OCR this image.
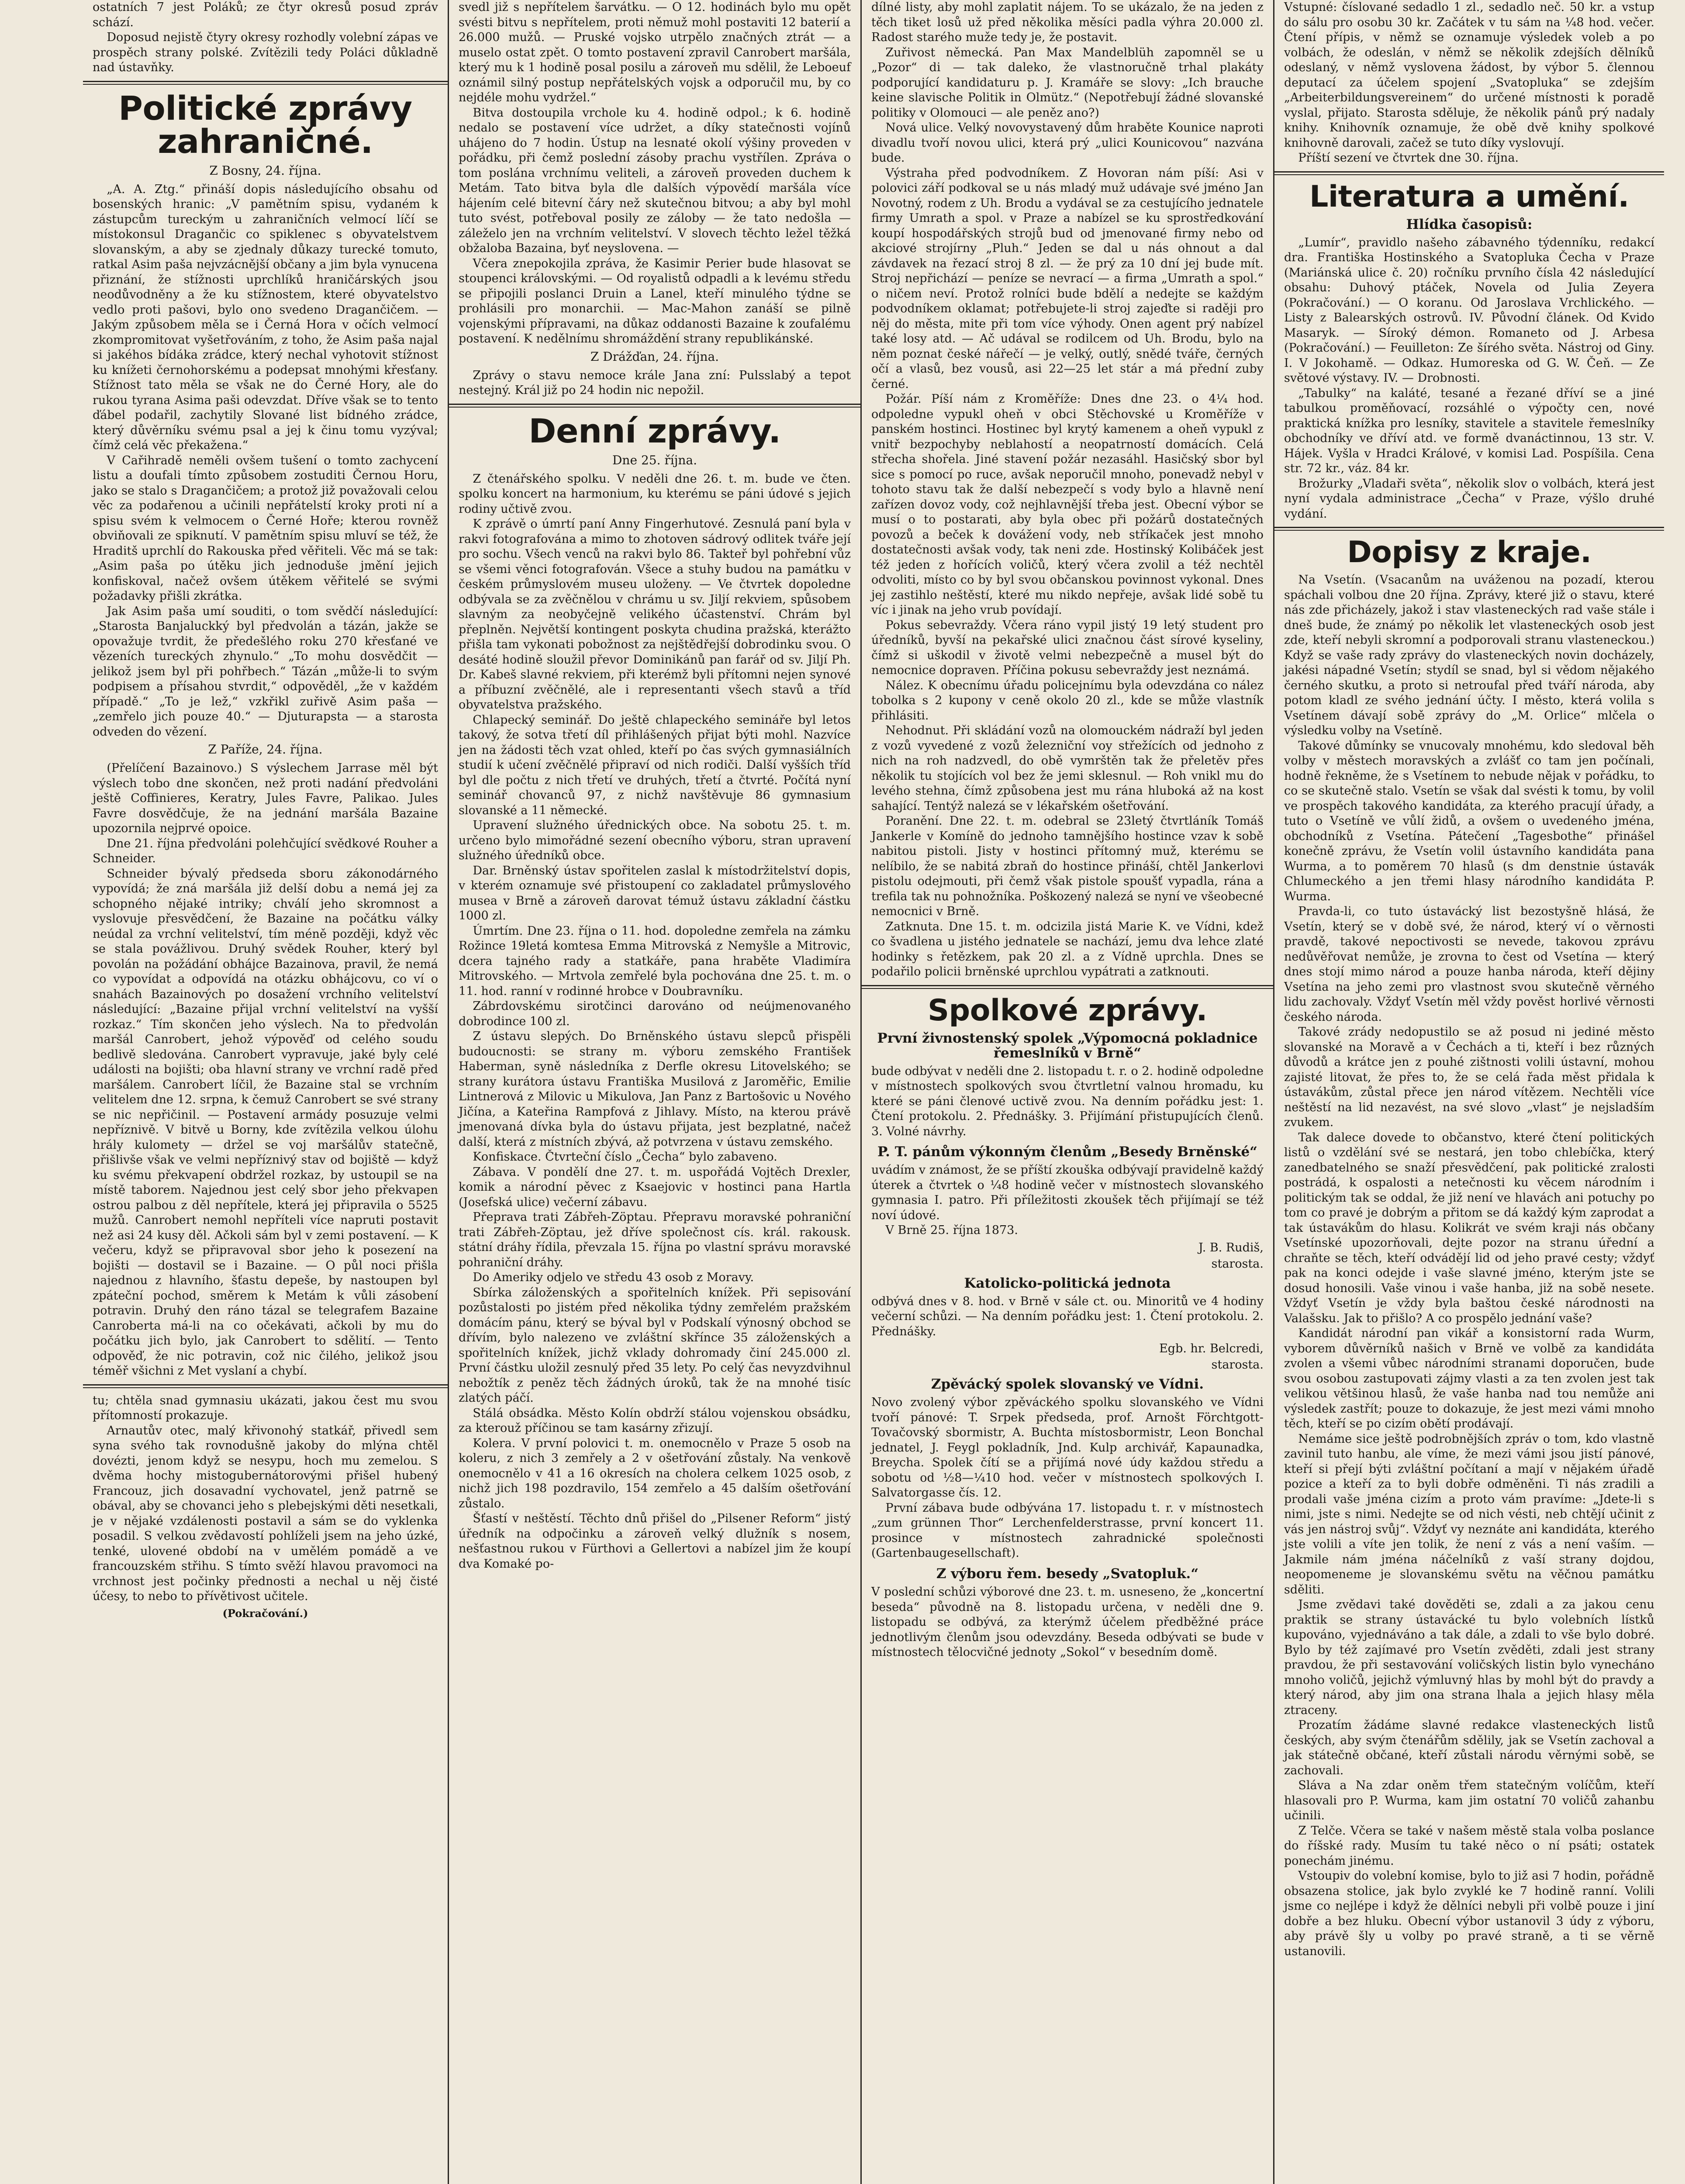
ostatních 7 jest Poláků; ze čtyr okresů posud zpráv schází.

Doposud nejistě čtyry okresy rozhodly volební zápas ve prospěch strany polské. Zvítězili tedy Poláci důkladně nad ústavňky.

Politické zprávy zahraničné.
Z Bosny, 24. října.

„A. A. Ztg.“ přináší dopis následujícího obsahu od bosenských hranic: „V pamětním spisu, vydaném k zástupcům tureckým u zahraničních velmocí líčí se místokonsul Dragančic co spiklenec s obyvatelstvem slovanským, a aby se zjednaly důkazy turecké tomuto, ratkal Asim paša nejvzácnější občany a jim byla vynucena přiznání, že stížnosti uprchlíků hraničárských jsou neodůvodněny a že ku stížnostem, které obyvatelstvo vedlo proti pašovi, bylo ono svedeno Dragančičem. — Jakým způsobem měla se i Černá Hora v očích velmocí zkompromitovat vyšetřováním, z toho, že Asim paša najal si jakéhos bídáka zrádce, který nechal vyhotovit stížnost ku knížeti černohorskému a podepsat mnohými křesťany. Stížnost tato měla se však ne do Černé Hory, ale do rukou tyrana Asima paši odevzdat. Dříve však se to tento ďábel podařil, zachytily Slované list bídného zrádce, který důvěrníku svému psal a jej k činu tomu vyzýval; čímž celá věc překažena.“

V Cařihradě neměli ovšem tušení o tomto zachycení listu a doufali tímto způsobem zostuditi Černou Horu, jako se stalo s Dragančičem; a protož již považovali celou věc za podařenou a učinili nepřátelstí kroky proti ní a spisu svém k velmocem o Černé Hoře; kterou rovněž obviňovali ze spiknutí. V pamětním spisu mluví se též, že Hraditš uprchlí do Rakouska před věřiteli. Věc má se tak: „Asim paša po útěku jich jednoduše jmění jejich konfiskoval, načež ovšem útěkem věřitelé se svými požadavky přišli zkrátka.

Jak Asim paša umí souditi, o tom svědčí následující: „Starosta Banjaluckký byl předvolán a tázán, jakže se opovažuje tvrdit, že předešlého roku 270 křesťané ve vězeních tureckých zhynulo.“ „To mohu dosvědčit — jelikož jsem byl při pohřbech.“ Tázán „může-li to svým podpisem a přísahou stvrdit,“ odpověděl, „že v každém případě.“ „To je lež,“ vzkřikl zuřivě Asim paša — „zemřelo jich pouze 40.“ — Djuturapsta — a starosta odveden do vězení.

Z Paříže, 24. října.

(Přelíčení Bazainovo.) S výslechem Jarrase měl být výslech tobo dne skončen, než proti nadání předvoláni ještě Coffinieres, Keratry, Jules Favre, Palikao. Jules Favre dosvědčuje, že na jednání maršála Bazaine upozornila nejprvé opoice.

Dne 21. října předvoláni polehčující svědkové Rouher a Schneider.

Schneider bývalý předseda sboru zákonodárného vypovídá; že zná maršála již delší dobu a nemá jej za schopného nějaké intriky; chválí jeho skromnost a vyslovuje přesvědčení, že Bazaine na počátku války neúdal za vrchní velitelství, tím méně později, když věc se stala povážlivou. Druhý svědek Rouher, který byl povolán na požádání obhájce Bazainova, pravil, že nemá co vypovídat a odpovídá na otázku obhájcovu, co ví o snahách Bazainových po dosažení vrchního velitelství následující: „Bazaine přijal vrchní velitelství na vyšší rozkaz.“ Tím skončen jeho výslech. Na to předvolán maršál Canrobert, jehož výpověď od celého soudu bedlivě sledována. Canrobert vypravuje, jaké byly celé události na bojišti; oba hlavní strany ve vrchní radě před maršálem. Canrobert líčil, že Bazaine stal se vrchním velitelem dne 12. srpna, k čemuž Canrobert se své strany se nic nepřičinil. — Postavení armády posuzuje velmi nepříznivě. V bitvě u Borny, kde zvítězila velkou úlohu hrály kulomety — držel se voj maršálův statečně, přišlivše však ve velmi nepříznivý stav od bojiště — když ku svému překvapení obdržel rozkaz, by ustoupil se na místě taborem. Najednou jest celý sbor jeho překvapen ostrou palbou z děl nepřítele, která jej připravila o 5525 mužů. Canrobert nemohl nepříteli více napruti postavit než asi 24 kusy děl. Ačkoli sám byl v zemi postavení. — K večeru, když se připravoval sbor jeho k posezení na bojišti — dostavil se i Bazaine. — O půl noci přišla najednou z hlavního, šťastu depeše, by nastoupen byl zpáteční pochod, směrem k Metám k vůli zásobení potravin. Druhý den ráno tázal se telegrafem Bazaine Canroberta má-li na co očekávati, ačkoli by mu do počátku jich bylo, jak Canrobert to sdělití. — Tento odpověď, že nic potravin, což nic čilého, jelikož jsou téměř všichni z Met vyslaní a chybí.

tu; chtěla snad gymnasiu ukázati, jakou čest mu svou přítomností prokazuje.

Arnautův otec, malý křivonohý statkář, přivedl sem syna svého tak rovnodušně jakoby do mlýna chtěl dovézti, jenom když se nesypu, hoch mu zemelou. S dvěma hochy mistogubernátorovými přišel hubený Francouz, jich dosavadní vychovatel, jenž patrně se obával, aby se chovanci jeho s plebejskými děti nesetkali, je v nějaké vzdálenosti postavil a sám se do vyklenka posadil. S velkou zvědavostí pohlíželi jsem na jeho úzké, tenké, ulovené období na v umělém pomádě a ve francouzském střihu. S tímto svěží hlavou pravomoci na vrchnost jest počinky přednosti a nechal u něj čisté účesy, to nebo to přívětivost učitele.

(Pokračování.)

svedl již s nepřítelem šarvátku. — O 12. hodinách bylo mu opět svésti bitvu s nepřítelem, proti němuž mohl postaviti 12 baterií a 26.000 mužů. — Pruské vojsko utrpělo značných ztrát — a muselo ostat zpět. O tomto postavení zpravil Canrobert maršála, který mu k 1 hodině posal posilu a zároveň mu sdělil, že Leboeuf oznámil silný postup nepřátelských vojsk a odporučil mu, by co nejdéle mohu vydržel.“

Bitva dostoupila vrchole ku 4. hodině odpol.; k 6. hodině nedalo se postavení více udržet, a díky statečnosti vojínů uhájeno do 7 hodin. Ústup na lesnaté okolí výšiny proveden v pořádku, při čemž poslední zásoby prachu vystřílen. Zpráva o tom poslána vrchnímu veliteli, a zároveň proveden duchem k Metám. Tato bitva byla dle dalších výpovědí maršála více hájením celé bitevní čáry než skutečnou bitvou; a aby byl mohl tuto svést, potřeboval posily ze záloby — že tato nedošla — záleželo jen na vrchním velitelství. V slovech těchto ležel těžká obžaloba Bazaina, byť neyslovena. —

Včera znepokojila zpráva, že Kasimir Perier bude hlasovat se stoupenci královskými. — Od royalistů odpadli a k levému středu se připojili poslanci Druin a Lanel, kteří minulého týdne se prohlásili pro monarchii. — Mac-Mahon zanáší se pilně vojenskými přípravami, na důkaz oddanosti Bazaine k zoufalému postavení. K nedělnímu shromáždění strany republikánské.

Z Drážďan, 24. října.

Zprávy o stavu nemoce krále Jana zní: Pulsslabý a tepot nestejný. Král již po 24 hodin nic nepožil.

Denní zprávy.
Dne 25. října.

Z čtenářského spolku. V neděli dne 26. t. m. bude ve čten. spolku koncert na harmonium, ku kterému se páni údové s jejich rodiny učtivě zvou.

K zprávě o úmrtí paní Anny Fingerhutové. Zesnulá paní byla v rakvi fotografována a mimo to zhotoven sádrový odlitek tváře její pro sochu. Všech venců na rakvi bylo 86. Takteř byl pohřební vůz se všemi věnci fotografován. Všece a stuhy budou na památku v českém průmyslovém museu uloženy. — Ve čtvrtek dopoledne odbývala se za zvěčnělou v chrámu u sv. Jiljí rekviem, spůsobem slavným za neobyčejně velikého účastenství. Chrám byl přeplněn. Největší kontingent poskyta chudina pražská, kterážto přišla tam vykonati pobožnost za nejštědřejší dobrodinku svou. O desáté hodině sloužil převor Dominikánů pan farář od sv. Jiljí Ph. Dr. Kabeš slavné rekviem, při kterémž byli přítomni nejen synové a příbuzní zvěčnělé, ale i representanti všech stavů a tříd obyvatelstva pražského.

Chlapecký seminář. Do ještě chlapeckého semináře byl letos takový, že sotva třetí díl přihlášených přijat býti mohl. Nazvíce jen na žádosti těch vzat ohled, kteří po čas svých gymnasiálních studií k učení zvěčnělé připraví od nich rodiči. Další vyšších tříd byl dle počtu z nich třetí ve druhých, třetí a čtvrté. Počítá nyní seminář chovanců 97, z nichž navštěvuje 86 gymnasium slovanské a 11 německé.

Upravení služného úřednických obce. Na sobotu 25. t. m. určeno bylo mimořádné sezení obecního výboru, stran upravení služného úředníků obce.

Dar. Brněnský ústav spořitelen zaslal k místodržitelství dopis, v kterém oznamuje své přistoupení co zakladatel průmyslového musea v Brně a zároveň darovat témuž ústavu základní částku 1000 zl.

Úmrtím. Dne 23. října o 11. hod. dopoledne zemřela na zámku Rožince 19letá komtesa Emma Mitrovská z Nemyšle a Mitrovic, dcera tajného rady a statkáře, pana hraběte Vladimíra Mitrovského. — Mrtvola zemřelé byla pochována dne 25. t. m. o 11. hod. ranní v rodinné hrobce v Doubravníku.

Zábrdovskému sirotčinci darováno od neújmenovaného dobrodince 100 zl.

Z ústavu slepých. Do Brněnského ústavu slepců přispěli budoucnosti: se strany m. výboru zemského František Haberman, syně následníka z Derfle okresu Litovelského; se strany kurátora ústavu Františka Musilová z Jaroměřic, Emilie Lintnerová z Milovic u Mikulova, Jan Panz z Bartošovic u Nového Jičína, a Kateřina Rampfová z Jihlavy. Místo, na kterou právě jmenovaná dívka byla do ústavu přijata, jest bezplatné, načež další, která z místních zbývá, až potvrzena v ústavu zemského.

Konfiskace. Čtvrteční číslo „Čecha“ bylo zabaveno.

Zábava. V pondělí dne 27. t. m. uspořádá Vojtěch Drexler, komik a národní pěvec z Ksaejovic v hostinci pana Hartla (Josefská ulice) večerní zábavu.

Přeprava trati Zábřeh-Zöptau. Přepravu moravské pohraniční trati Zábřeh-Zöptau, jež dříve společnost cís. král. rakousk. státní dráhy řídila, převzala 15. října po vlastní správu moravské pohraniční dráhy.

Do Ameriky odjelo ve středu 43 osob z Moravy.

Sbírka záloženských a spořitelních knížek. Při sepisování pozůstalosti po jistém před několika týdny zemřelém pražském domácím pánu, který se býval byl v Podskalí výnosný obchod se dřívím, bylo nalezeno ve zvláštní skřínce 35 záloženských a spořitelních knížek, jichž vklady dohromady činí 245.000 zl. První částku uložil zesnulý před 35 lety. Po celý čas nevyzdvihnul nebožtík z peněz těch žádných úroků, tak že na mnohé tisíc zlatých páčí.

Stálá obsádka. Město Kolín obdrží stálou vojenskou obsádku, za kterouž příčinou se tam kasárny zřizují.

Kolera. V první polovici t. m. onemocnělo v Praze 5 osob na koleru, z nich 3 zemřely a 2 v ošetřování zůstaly. Na venkově onemocnělo v 41 a 16 okresích na cholera celkem 1025 osob, z nichž jich 198 pozdravilo, 154 zemřelo a 45 dalším ošetřování zůstalo.

Šťastí v neštěstí. Těchto dnů přišel do „Pilsener Reform“ jistý úředník na odpočinku a zároveň velký dlužník s nosem, nešťastnou rukou v Fürthovi a Gellertovi a nabízel jim že koupí dva Komaké po-

dílné listy, aby mohl zaplatit nájem. To se ukázalo, že na jeden z těch tiket losů už před několika měsíci padla výhra 20.000 zl. Radost starého muže tedy je, že postavit.

Zuřivost německá. Pan Max Mandelblüh zapomněl se u „Pozor“ di — tak daleko, že vlastnoručně trhal plakáty podporující kandidaturu p. J. Kramáře se slovy: „Ich brauche keine slavische Politik in Olmütz.“ (Nepotřebují žádné slovanské politiky v Olomouci — ale peněz ano?)

Nová ulice. Velký novovystavený dům hraběte Kounice naproti divadlu tvoří novou ulici, která prý „ulici Kounicovou“ nazvána bude.

Výstraha před podvodníkem. Z Hovoran nám píší: Asi v polovici září podkoval se u nás mladý muž udávaje své jméno Jan Novotný, rodem z Uh. Brodu a vydával se za cestujícího jednatele firmy Umrath a spol. v Praze a nabízel se ku sprostředkování koupí hospodářských strojů bud od jmenované firmy nebo od akciové strojírny „Pluh.“ Jeden se dal u nás ohnout a dal závdavek na řezací stroj 8 zl. — že prý za 10 dní jej bude mít. Stroj nepřichází — peníze se nevrací — a firma „Umrath a spol.“ o ničem neví. Protož rolníci bude bdělí a nedejte se každým podvodníkem oklamat; potřebujete-li stroj zajeďte si raději pro něj do města, mite při tom více výhody. Onen agent prý nabízel také losy atd. — Ač udával se rodilcem od Uh. Brodu, bylo na něm poznat české nářečí — je velký, outlý, snědé tváře, černých očí a vlasů, bez vousů, asi 22—25 let stár a má přední zuby černé.

Požár. Píší nám z Kroměříže: Dnes dne 23. o 4¼ hod. odpoledne vypukl oheň v obci Stěchovské u Kroměříže v panském hostinci. Hostinec byl krytý kamenem a oheň vypukl z vnitř bezpochyby neblahostí a neopatrností domácích. Celá střecha shořela. Jiné stavení požár nezasáhl. Hasičský sbor byl sice s pomocí po ruce, avšak neporučil mnoho, ponevadž nebyl v tohoto stavu tak že další nebezpečí s vody bylo a hlavně není zařízen dovoz vody, což nejhlavnější třeba jest. Obecní výbor se musí o to postarati, aby byla obec při požárů dostatečných povozů a beček k dovážení vody, neb stříkaček jest mnoho dostatečnosti avšak vody, tak neni zde. Hostinský Kolibáček jest též jeden z hořících voličů, který včera zvolil a též nechtěl odvoliti, místo co by byl svou občanskou povinnost vykonal. Dnes jej zastihlo neštěstí, které mu nikdo nepřeje, avšak lidé sobě tu víc i jinak na jeho vrub povídají.

Pokus sebevraždy. Včera ráno vypil jistý 19 letý student pro úředníků, byvší na pekařské ulici značnou část sírové kyseliny, čímž si uškodil v životě velmi nebezpečně a musel být do nemocnice dopraven. Příčina pokusu sebevraždy jest neznámá.

Nález. K obecnímu úřadu policejnímu byla odevzdána co nález tobolka s 2 kupony v ceně okolo 20 zl., kde se může vlastník přihlásiti.

Nehodnut. Při skládání vozů na olomouckém nádraží byl jeden z vozů vyvedené z vozů železniční voy střežících od jednoho z nich na roh nadzvedl, do obě vymrštěn tak že přeletěv přes několik tu stojících vol bez že jemi sklesnul. — Roh vnikl mu do levého stehna, čímž způsobena jest mu rána hluboká až na kost sahající. Tentýž nalezá se v lékařském ošetřování.

Poranění. Dne 22. t. m. odebral se 23letý čtvrtláník Tomáš Jankerle v Komíně do jednoho tamnějšího hostince vzav k sobě nabitou pistoli. Jisty v hostinci přítomný muž, kterému se nelíbilo, že se nabitá zbraň do hostince přináší, chtěl Jankerlovi pistolu odejmouti, při čemž však pistole spoušť vypadla, rána a trefila tak nu pohnožníka. Poškozený nalezá se nyní ve všeobecné nemocnici v Brně.

Zatknuta. Dne 15. t. m. odcizila jistá Marie K. ve Vídni, kdež co švadlena u jistého jednatele se nachází, jemu dva lehce zlaté hodinky s řetězkem, pak 20 zl. a z Vídně uprchla. Dnes se podařilo policii brněnské uprchlou vypátrati a zatknouti.

Spolkové zprávy.
První živnostenský spolek „Výpomocná pokladnice řemeslníků v Brně“

bude odbývat v neděli dne 2. listopadu t. r. o 2. hodině odpoledne v místnostech spolkových svou čtvrtletní valnou hromadu, ku které se páni členové uctivě zvou. Na denním pořádku jest: 1. Čtení protokolu. 2. Přednášky. 3. Přijímání přistupujících členů. 3. Volné návrhy.

P. T. pánům výkonným členům „Besedy Brněnské“

uvádím v známost, že se příští zkouška odbývají pravidelně každý úterek a čtvrtek o ¼8 hodině večer v místnostech slovanského gymnasia I. patro. Při příležitosti zkoušek těch přijímají se též noví údové.

V Brně 25. října 1873.

J. B. Rudiš,
starosta.
Katolicko-politická jednota

odbývá dnes v 8. hod. v Brně v sále ct. ou. Minoritů ve 4 hodiny večerní schůzi. — Na denním pořádku jest: 1. Čtení protokolu. 2. Přednášky.

Egb. hr. Belcredi,
starosta.
Zpěvácký spolek slovanský ve Vídni.

Novo zvolený výbor zpěváckého spolku slovanského ve Vídni tvoří pánové: T. Srpek předseda, prof. Arnošt Förchtgott-Tovačovský sbormistr, A. Buchta místosbormistr, Leon Bonchal jednatel, J. Feygl pokladník, Jnd. Kulp archivář, Kapaunadka, Breycha. Spolek čítí se a přijímá nové údy každou středu a sobotu od ½8—¼10 hod. večer v místnostech spolkových I. Salvatorgasse čís. 12.

První zábava bude odbývána 17. listopadu t. r. v místnostech „zum grünnen Thor“ Lerchenfelderstrasse, první koncert 11. prosince v místnostech zahradnické společnosti (Gartenbaugesellschaft).

Z výboru řem. besedy „Svatopluk.“

V poslední schůzi výborové dne 23. t. m. usneseno, že „koncertní beseda“ původně na 8. listopadu určena, v neděli dne 9. listopadu se odbývá, za kterýmž účelem předběžné práce jednotlivým členům jsou odevzdány. Beseda odbývati se bude v místnostech tělocvičné jednoty „Sokol“ v besedním domě.

Vstupné: číslované sedadlo 1 zl., sedadlo neč. 50 kr. a vstup do sálu pro osobu 30 kr. Začátek v tu sám na ¼8 hod. večer. Čtení přípis, v němž se oznamuje výsledek voleb a po volbách, že odeslán, v němž se několik zdejších dělníků odeslaný, v němž vyslovena žádost, by výbor 5. člennou deputací za účelem spojení „Svatopluka“ se zdejším „Arbeiterbildungsvereinem“ do určené místnosti k poradě vyslal, přijato. Starosta sděluje, že několik pánů prý nadaly knihy. Knihovník oznamuje, že obě dvě knihy spolkové knihovně darovali, začež se tuto díky vyslovují.

Příští sezení ve čtvrtek dne 30. října.

Literatura a umění.
Hlídka časopisů:

„Lumír“, pravidlo našeho zábavného týdenníku, redakcí dra. Františka Hostinského a Svatopluka Čecha v Praze (Mariánská ulice č. 20) ročníku prvního čísla 42 následující obsahu: Duhový ptáček, Novela od Julia Zeyera (Pokračování.) — O koranu. Od Jaroslava Vrchlického. — Listy z Balearských ostrovů. IV. Původní článek. Od Kvido Masaryk. — Síroký démon. Romaneto od J. Arbesa (Pokračování.) — Feuilleton: Ze šírého světa. Nástroj od Giny. I. V Jokohamě. — Odkaz. Humoreska od G. W. Čeň. — Ze světové výstavy. IV. — Drobnosti.

„Tabulky“ na kaláté, tesané a řezané dříví se a jiné tabulkou proměňovací, rozsáhlé o výpočty cen, nové praktická knížka pro lesníky, stavitele a stavitele řemeslníky obchodníky ve dříví atd. ve formě dvanáctinnou, 13 str. V. Hájek. Vyšla v Hradci Králové, v komisi Lad. Pospíšila. Cena str. 72 kr., váz. 84 kr.

Brožurky „Vladaři světa“, několik slov o volbách, která jest nyní vydala administrace „Čecha“ v Praze, výšlo druhé vydání.

Dopisy z kraje.

Na Vsetín. (Vsacanům na uváženou na pozadí, kterou spáchali volbou dne 20 října. Zprávy, které již o stavu, které nás zde přicházely, jakož i stav vlasteneckých rad vaše stále i dneš bude, že známý po několik let vlasteneckých osob jest zde, kteří nebyli skromní a podporovali stranu vlasteneckou.) Když se vaše rady zprávy do vlasteneckých novin docházely, jakési nápadné Vsetín; stydíl se snad, byl si vědom nějakého černého skutku, a proto si netroufal před tváří národa, aby potom kladl ze svého jednání účty. I město, která volila s Vsetínem dávají sobě zprávy do „M. Orlice“ mlčela o výsledku volby na Vsetíně.

Takové důmínky se vnucovaly mnohému, kdo sledoval běh volby v městech moravských a zvlášť co tam jen počínali, hodně řekněme, že s Vsetínem to nebude nějak v pořádku, to co se skutečně stalo. Vsetín se však dal svésti k tomu, by volil ve prospěch takového kandidáta, za kterého pracují úřady, a tuto o Vsetíně ve vůlí židů, a ovšem o uvedeného jména, obchodníků z Vsetína. Pátečení „Tagesbothe“ přinášel konečně zprávu, že Vsetín volil ústavního kandidáta pana Wurma, a to poměrem 70 hlasů (s dm denstnie ústavák Chlumeckého a jen třemi hlasy národního kandidáta P. Wurma.

Pravda-li, co tuto ústavácký list bezostyšně hlásá, že Vsetín, který se v době své, že národ, který ví o věrnosti pravdě, takové nepoctivosti se nevede, takovou zprávu nedůvěřovat nemůže, je zrovna to čest od Vsetína — který dnes stojí mimo národ a pouze hanba národa, kteří dějiny Vsetína na jeho zemi pro vlastnost svou skutečně věrného lidu zachovaly. Vždyť Vsetín měl vždy pověst horlivé věrnosti českého národa.

Takové zrády nedopustilo se až posud ni jediné město slovanské na Moravě a v Čechách a ti, kteří i bez různých důvodů a krátce jen z pouhé zištnosti volili ústavní, mohou zajisté litovat, že přes to, že se celá řada měst přidala k ústavákům, zůstal přece jen národ vítězem. Nechtěli více neštěstí na lid nezavést, na své slovo „vlast“ je nejsladším zvukem.

Tak dalece dovede to občanstvo, které čtení politických listů o vzdělání své se nestará, jen tobo chlebíčka, který zanedbatelného se snaží přesvědčení, pak politické zralosti postrádá, k ospalosti a netečnosti ku věcem národním i politickým tak se oddal, že již není ve hlavách ani potuchy po tom co pravé je dobrým a přitom se dá každý kým zaprodat a tak ústavákům do hlasu. Kolikrát ve svém kraji nás občany Vsetínské upozorňovali, dejte pozor na stranu úřední a chraňte se těch, kteří odvádějí lid od jeho pravé cesty; vždyť pak na konci odejde i vaše slavné jméno, kterým jste se dosud honosili. Vaše vinou i vaše hanba, již na sobě nesete. Vždyť Vsetín je vždy byla baštou české národnosti na Valašsku. Jak to přišlo? A co prospělo jednání vaše?

Kandidát národní pan vikář a konsistorní rada Wurm, vyborem důvěrníků našich v Brně ve volbě za kandidáta zvolen a všemi vůbec národními stranami doporučen, bude svou osobou zastupovati zájmy vlasti a za ten zvolen jest tak velikou většinou hlasů, že vaše hanba nad tou nemůže ani výsledek zastřít; pouze to dokazuje, že jest mezi vámi mnoho těch, kteří se po cizím obětí prodávají.

Nemáme sice ještě podrobnějších zpráv o tom, kdo vlastně zavinil tuto hanbu, ale víme, že mezi vámi jsou jistí pánové, kteří si přejí býti zvláštní počítaní a mají v nějakém úřadě pozice a kteří za to byli dobře odměněni. Ti nás zradili a prodali vaše jména cizím a proto vám pravíme: „Jdete-li s nimi, jste s nimi. Nedejte se od nich vésti, neb chtějí učinit z vás jen nástroj svůj“. Vždyť vy neznáte ani kandidáta, kterého jste volili a víte jen tolik, že není z vás a není vaším. — Jakmile nám jména náčelníků z vaší strany dojdou, neopomeneme je slovanskému světu na věčnou památku sděliti.

Jsme zvědavi také dověděti se, zdali a za jakou cenu praktik se strany ústavácké tu bylo volebních lístků kupováno, vyjednáváno a tak dále, a zdali to vše bylo dobré. Bylo by též zajímavé pro Vsetín zvěděti, zdali jest strany pravdou, že při sestavování voličských listin bylo vynecháno mnoho voličů, jejichž výmluvný hlas by mohl být do pravdy a který národ, aby jim ona strana lhala a jejich hlasy měla ztraceny.

Prozatím žádáme slavné redakce vlasteneckých listů českých, aby svým čtenářům sdělily, jak se Vsetín zachoval a jak státečně občané, kteří zůstali národu věrnými sobě, se zachovali.

Sláva a Na zdar oněm třem statečným volíčům, kteří hlasovali pro P. Wurma, kam jim ostatní 70 voličů zahanbu učinili.

Z Telče. Včera se také v našem městě stala volba poslance do říšské rady. Musím tu také něco o ní psáti; ostatek ponechám jinému.

Vstoupiv do volební komise, bylo to již asi 7 hodin, pořádně obsazena stolice, jak bylo zvyklé ke 7 hodině ranní. Volili jsme co nejlépe i když že dělníci nebyli při volbě pouze i jiní dobře a bez hluku. Obecní výbor ustanovil 3 údy z výboru, aby právě šly u volby po pravé straně, a ti se věrně ustanovili.
